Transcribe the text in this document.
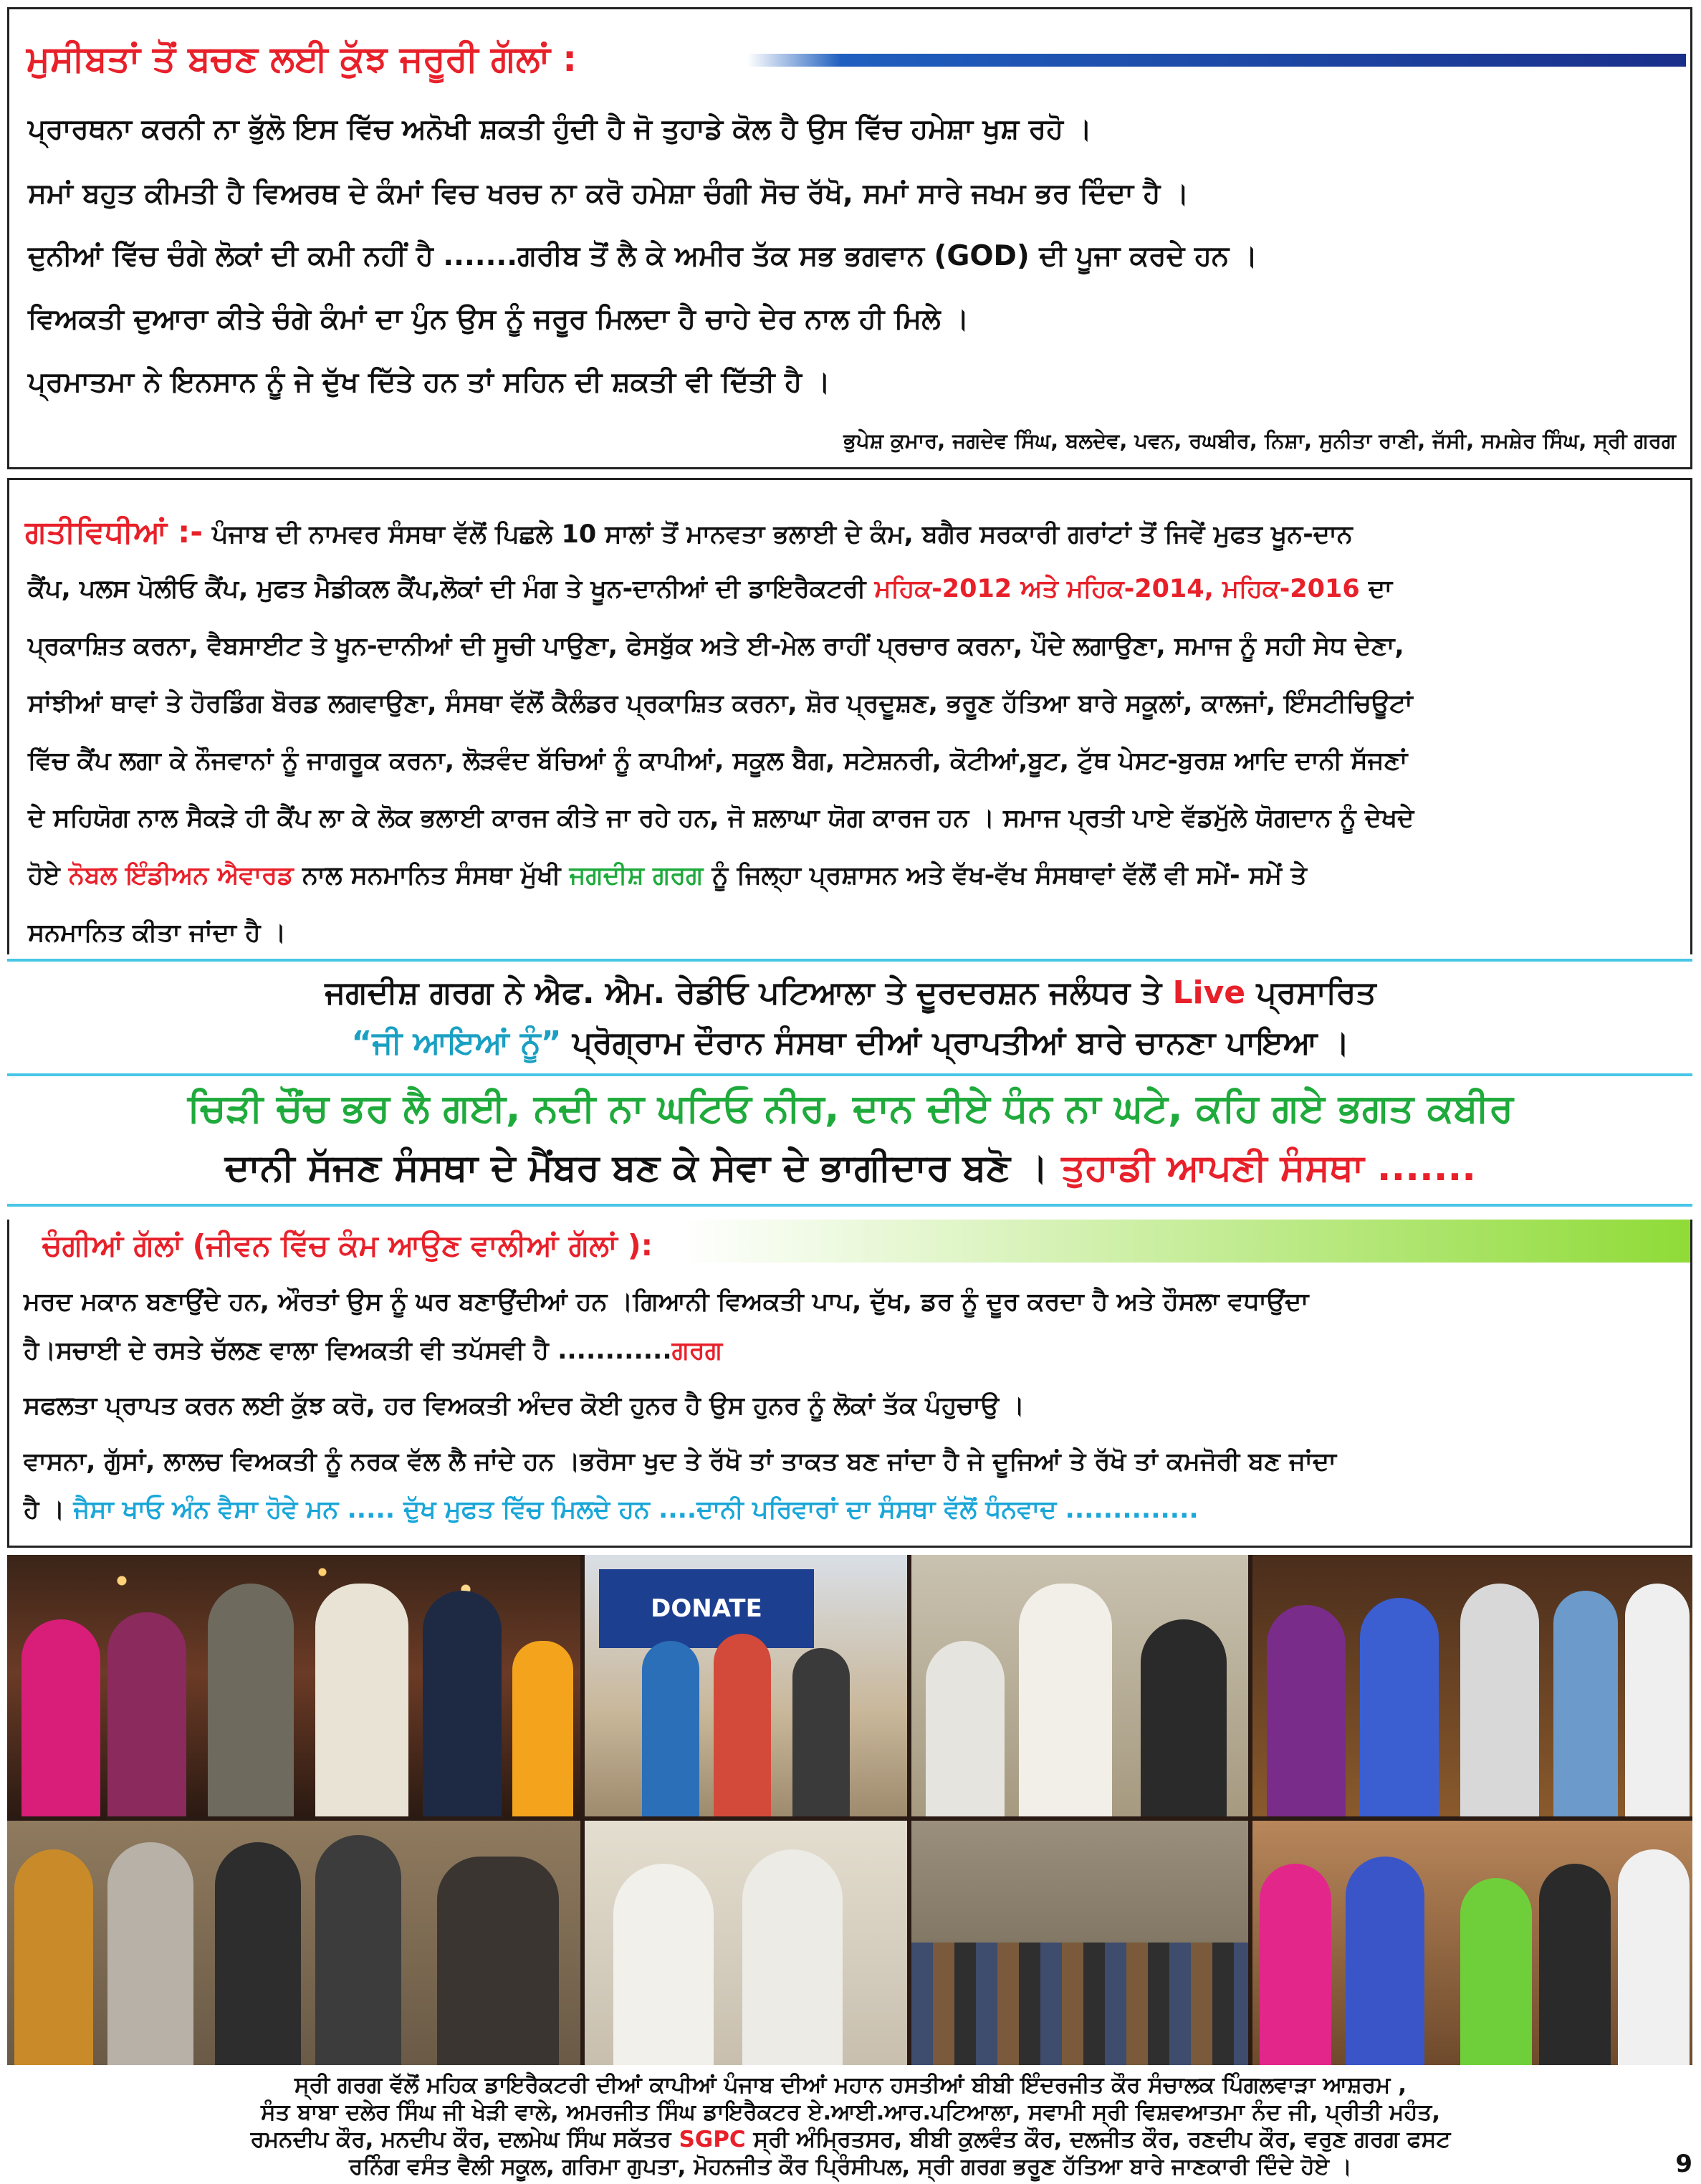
ਮੁਸੀਬਤਾਂ ਤੋਂ ਬਚਣ ਲਈ ਕੁੱਝ ਜਰੂਰੀ ਗੱਲਾਂ :
ਪ੍ਰਾਰਥਨਾ ਕਰਨੀ ਨਾ ਭੁੱਲੋ ਇਸ ਵਿੱਚ ਅਨੋਖੀ ਸ਼ਕਤੀ ਹੁੰਦੀ ਹੈ ਜੋ ਤੁਹਾਡੇ ਕੋਲ ਹੈ ਉਸ ਵਿੱਚ ਹਮੇਸ਼ਾ ਖੁਸ਼ ਰਹੋ ।
ਸਮਾਂ ਬਹੁਤ ਕੀਮਤੀ ਹੈ ਵਿਅਰਥ ਦੇ ਕੰਮਾਂ ਵਿਚ ਖਰਚ ਨਾ ਕਰੋ ਹਮੇਸ਼ਾ ਚੰਗੀ ਸੋਚ ਰੱਖੋ, ਸਮਾਂ ਸਾਰੇ ਜਖਮ ਭਰ ਦਿੰਦਾ ਹੈ ।
ਦੁਨੀਆਂ ਵਿੱਚ ਚੰਗੇ ਲੋਕਾਂ ਦੀ ਕਮੀ ਨਹੀਂ ਹੈ .......ਗਰੀਬ ਤੋਂ ਲੈ ਕੇ ਅਮੀਰ ਤੱਕ ਸਭ ਭਗਵਾਨ (GOD) ਦੀ ਪੂਜਾ ਕਰਦੇ ਹਨ ।
ਵਿਅਕਤੀ ਦੁਆਰਾ ਕੀਤੇ ਚੰਗੇ ਕੰਮਾਂ ਦਾ ਪੁੰਨ ਉਸ ਨੂੰ ਜਰੂਰ ਮਿਲਦਾ ਹੈ ਚਾਹੇ ਦੇਰ ਨਾਲ ਹੀ ਮਿਲੇ ।
ਪ੍ਰਮਾਤਮਾ ਨੇ ਇਨਸਾਨ ਨੂੰ ਜੇ ਦੁੱਖ ਦਿੱਤੇ ਹਨ ਤਾਂ ਸਹਿਨ ਦੀ ਸ਼ਕਤੀ ਵੀ ਦਿੱਤੀ ਹੈ ।
ਭੁਪੇਸ਼ ਕੁਮਾਰ, ਜਗਦੇਵ ਸਿੰਘ, ਬਲਦੇਵ, ਪਵਨ, ਰਘਬੀਰ, ਨਿਸ਼ਾ, ਸੁਨੀਤਾ ਰਾਣੀ, ਜੱਸੀ, ਸਮਸ਼ੇਰ ਸਿੰਘ, ਸ੍ਰੀ ਗਰਗ
ਗਤੀਵਿਧੀਆਂ :- ਪੰਜਾਬ ਦੀ ਨਾਮਵਰ ਸੰਸਥਾ ਵੱਲੋਂ ਪਿਛਲੇ 10 ਸਾਲਾਂ ਤੋਂ ਮਾਨਵਤਾ ਭਲਾਈ ਦੇ ਕੰਮ, ਬਗੈਰ ਸਰਕਾਰੀ ਗਰਾਂਟਾਂ ਤੋਂ ਜਿਵੇਂ ਮੁਫਤ ਖੂਨ-ਦਾਨ
ਕੈਂਪ, ਪਲਸ ਪੋਲੀਓ ਕੈਂਪ, ਮੁਫਤ ਮੈਡੀਕਲ ਕੈਂਪ,ਲੋਕਾਂ ਦੀ ਮੰਗ ਤੇ ਖੂਨ-ਦਾਨੀਆਂ ਦੀ ਡਾਇਰੈਕਟਰੀ ਮਹਿਕ-2012 ਅਤੇ ਮਹਿਕ-2014, ਮਹਿਕ-2016 ਦਾ
ਪ੍ਰਕਾਸ਼ਿਤ ਕਰਨਾ, ਵੈਬਸਾਈਟ ਤੇ ਖੂਨ-ਦਾਨੀਆਂ ਦੀ ਸੂਚੀ ਪਾਉਣਾ, ਫੇਸਬੁੱਕ ਅਤੇ ਈ-ਮੇਲ ਰਾਹੀਂ ਪ੍ਰਚਾਰ ਕਰਨਾ, ਪੌਦੇ ਲਗਾਉਣਾ, ਸਮਾਜ ਨੂੰ ਸਹੀ ਸੇਧ ਦੇਣਾ,
ਸਾਂਝੀਆਂ ਥਾਵਾਂ ਤੇ ਹੋਰਡਿੰਗ ਬੋਰਡ ਲਗਵਾਉਣਾ, ਸੰਸਥਾ ਵੱਲੋਂ ਕੈਲੰਡਰ ਪ੍ਰਕਾਸ਼ਿਤ ਕਰਨਾ, ਸ਼ੋਰ ਪ੍ਰਦੂਸ਼ਣ, ਭਰੂਣ ਹੱਤਿਆ ਬਾਰੇ ਸਕੂਲਾਂ, ਕਾਲਜਾਂ, ਇੰਸਟੀਚਿਊਟਾਂ
ਵਿੱਚ ਕੈਂਪ ਲਗਾ ਕੇ ਨੌਜਵਾਨਾਂ ਨੂੰ ਜਾਗਰੂਕ ਕਰਨਾ, ਲੋੜਵੰਦ ਬੱਚਿਆਂ ਨੂੰ ਕਾਪੀਆਂ, ਸਕੂਲ ਬੈਗ, ਸਟੇਸ਼ਨਰੀ, ਕੋਟੀਆਂ,ਬੂਟ, ਟੁੱਥ ਪੇਸਟ-ਬੁਰਸ਼ ਆਦਿ ਦਾਨੀ ਸੱਜਣਾਂ
ਦੇ ਸਹਿਯੋਗ ਨਾਲ ਸੈਕੜੇ ਹੀ ਕੈਂਪ ਲਾ ਕੇ ਲੋਕ ਭਲਾਈ ਕਾਰਜ ਕੀਤੇ ਜਾ ਰਹੇ ਹਨ, ਜੋ ਸ਼ਲਾਘਾ ਯੋਗ ਕਾਰਜ ਹਨ । ਸਮਾਜ ਪ੍ਰਤੀ ਪਾਏ ਵੱਡਮੁੱਲੇ ਯੋਗਦਾਨ ਨੂੰ ਦੇਖਦੇ
ਹੋਏ ਨੋਬਲ ਇੰਡੀਅਨ ਐਵਾਰਡ ਨਾਲ ਸਨਮਾਨਿਤ ਸੰਸਥਾ ਮੁੱਖੀ ਜਗਦੀਸ਼ ਗਰਗ ਨੂੰ ਜਿਲ੍ਹਾ ਪ੍ਰਸ਼ਾਸਨ ਅਤੇ ਵੱਖ-ਵੱਖ ਸੰਸਥਾਵਾਂ ਵੱਲੋਂ ਵੀ ਸਮੇਂ- ਸਮੇਂ ਤੇ
ਸਨਮਾਨਿਤ ਕੀਤਾ ਜਾਂਦਾ ਹੈ ।
ਜਗਦੀਸ਼ ਗਰਗ ਨੇ ਐਫ. ਐਮ. ਰੇਡੀਓ ਪਟਿਆਲਾ ਤੇ ਦੂਰਦਰਸ਼ਨ ਜਲੰਧਰ ਤੇ Live ਪ੍ਰਸਾਰਿਤ
“ਜੀ ਆਇਆਂ ਨੂੰ” ਪ੍ਰੋਗ੍ਰਾਮ ਦੌਰਾਨ ਸੰਸਥਾ ਦੀਆਂ ਪ੍ਰਾਪਤੀਆਂ ਬਾਰੇ ਚਾਨਣਾ ਪਾਇਆ ।
ਚਿੜੀ ਚੌਂਚ ਭਰ ਲੈ ਗਈ, ਨਦੀ ਨਾ ਘਟਿਓ ਨੀਰ, ਦਾਨ ਦੀਏ ਧੰਨ ਨਾ ਘਟੇ, ਕਹਿ ਗਏ ਭਗਤ ਕਬੀਰ
ਦਾਨੀ ਸੱਜਣ ਸੰਸਥਾ ਦੇ ਮੈਂਬਰ ਬਣ ਕੇ ਸੇਵਾ ਦੇ ਭਾਗੀਦਾਰ ਬਣੋ । ਤੁਹਾਡੀ ਆਪਣੀ ਸੰਸਥਾ .......
ਚੰਗੀਆਂ ਗੱਲਾਂ (ਜੀਵਨ ਵਿੱਚ ਕੰਮ ਆਉਣ ਵਾਲੀਆਂ ਗੱਲਾਂ ):
ਮਰਦ ਮਕਾਨ ਬਣਾਉਂਦੇ ਹਨ, ਔਰਤਾਂ ਉਸ ਨੂੰ ਘਰ ਬਣਾਉਂਦੀਆਂ ਹਨ ।ਗਿਆਨੀ ਵਿਅਕਤੀ ਪਾਪ, ਦੁੱਖ, ਡਰ ਨੂੰ ਦੂਰ ਕਰਦਾ ਹੈ ਅਤੇ ਹੌਸਲਾ ਵਧਾਉਂਦਾ
ਹੈ।ਸਚਾਈ ਦੇ ਰਸਤੇ ਚੱਲਣ ਵਾਲਾ ਵਿਅਕਤੀ ਵੀ ਤਪੱਸਵੀ ਹੈ ............ਗਰਗ
ਸਫਲਤਾ ਪ੍ਰਾਪਤ ਕਰਨ ਲਈ ਕੁੱਝ ਕਰੋ, ਹਰ ਵਿਅਕਤੀ ਅੰਦਰ ਕੋਈ ਹੁਨਰ ਹੈ ਉਸ ਹੁਨਰ ਨੂੰ ਲੋਕਾਂ ਤੱਕ ਪੰਹੁਚਾਉ ।
ਵਾਸਨਾ, ਗੁੱਸਾਂ, ਲਾਲਚ ਵਿਅਕਤੀ ਨੂੰ ਨਰਕ ਵੱਲ ਲੈ ਜਾਂਦੇ ਹਨ ।ਭਰੋਸਾ ਖੁਦ ਤੇ ਰੱਖੋ ਤਾਂ ਤਾਕਤ ਬਣ ਜਾਂਦਾ ਹੈ ਜੇ ਦੂਜਿਆਂ ਤੇ ਰੱਖੋ ਤਾਂ ਕਮਜੋਰੀ ਬਣ ਜਾਂਦਾ
ਹੈ । ਜੈਸਾ ਖਾਓ ਅੰਨ ਵੈਸਾ ਹੋਵੇ ਮਨ ..... ਦੁੱਖ ਮੁਫਤ ਵਿੱਚ ਮਿਲਦੇ ਹਨ ....ਦਾਨੀ ਪਰਿਵਾਰਾਂ ਦਾ ਸੰਸਥਾ ਵੱਲੋਂ ਧੰਨਵਾਦ ..............
DONATE
ਸ੍ਰੀ ਗਰਗ ਵੱਲੋਂ ਮਹਿਕ ਡਾਇਰੈਕਟਰੀ ਦੀਆਂ ਕਾਪੀਆਂ ਪੰਜਾਬ ਦੀਆਂ ਮਹਾਨ ਹਸਤੀਆਂ ਬੀਬੀ ਇੰਦਰਜੀਤ ਕੌਰ ਸੰਚਾਲਕ ਪਿੰਗਲਵਾੜਾ ਆਸ਼ਰਮ ,
ਸੰਤ ਬਾਬਾ ਦਲੇਰ ਸਿੰਘ ਜੀ ਖੇੜੀ ਵਾਲੇ, ਅਮਰਜੀਤ ਸਿੰਘ ਡਾਇਰੈਕਟਰ ਏ.ਆਈ.ਆਰ.ਪਟਿਆਲਾ, ਸਵਾਮੀ ਸ੍ਰੀ ਵਿਸ਼ਵਆਤਮਾ ਨੰਦ ਜੀ, ਪ੍ਰੀਤੀ ਮਹੰਤ,
ਰਮਨਦੀਪ ਕੌਰ, ਮਨਦੀਪ ਕੌਰ, ਦਲਮੇਘ ਸਿੰਘ ਸਕੱਤਰ SGPC ਸ੍ਰੀ ਅੰਮ੍ਰਿਤਸਰ, ਬੀਬੀ ਕੁਲਵੰਤ ਕੌਰ, ਦਲਜੀਤ ਕੌਰ, ਰਣਦੀਪ ਕੌਰ, ਵਰੁਣ ਗਰਗ ਫਸਟ
ਰਨਿੰਗ ਵਸੰਤ ਵੈਲੀ ਸਕੂਲ, ਗਰਿਮਾ ਗੁਪਤਾ, ਮੋਹਨਜੀਤ ਕੌਰ ਪ੍ਰਿੰਸੀਪਲ, ਸ੍ਰੀ ਗਰਗ ਭਰੂਣ ਹੱਤਿਆ ਬਾਰੇ ਜਾਣਕਾਰੀ ਦਿੰਦੇ ਹੋਏ ।	9
